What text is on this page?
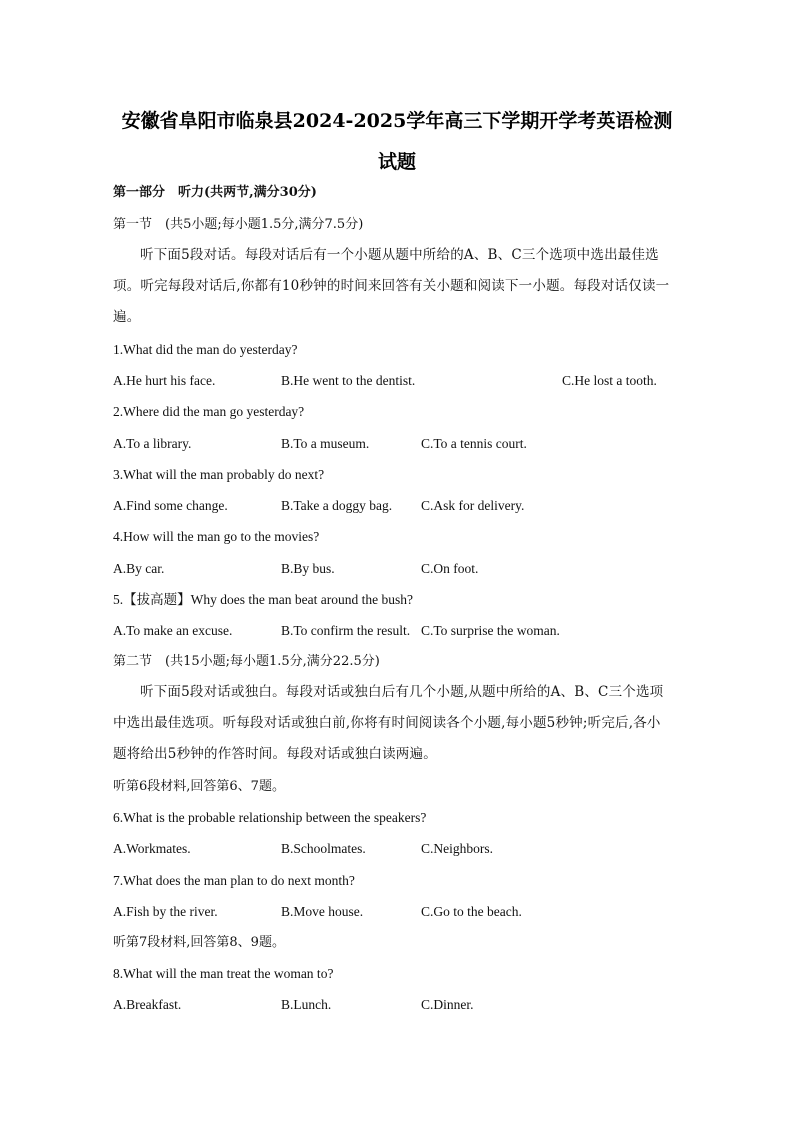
安徽省阜阳市临泉县2024-2025学年高三下学期开学考英语检测
试题
第一部分　听力(共两节,满分30分)
第一节　(共5小题;每小题1.5分,满分7.5分)
听下面5段对话。每段对话后有一个小题从题中所给的A、B、C三个选项中选出最佳选项。听完每段对话后,你都有10秒钟的时间来回答有关小题和阅读下一小题。每段对话仅读一遍。
1.What did the man do yesterday?
A.He hurt his face.	B.He went to the dentist.	C.He lost a tooth.
2.Where did the man go yesterday?
A.To a library.	B.To a museum.	C.To a tennis court.
3.What will the man probably do next?
A.Find some change.	B.Take a doggy bag. C.Ask for delivery.
4.How will the man go to the movies?
A.By car.	B.By bus.	C.On foot.
5.【拔高题】Why does the man beat around the bush?
A.To make an excuse.	B.To confirm the result. C.To surprise the woman.
第二节　(共15小题;每小题1.5分,满分22.5分)
听下面5段对话或独白。每段对话或独白后有几个小题,从题中所给的A、B、C三个选项中选出最佳选项。听每段对话或独白前,你将有时间阅读各个小题,每小题5秒钟;听完后,各小题将给出5秒钟的作答时间。每段对话或独白读两遍。
听第6段材料,回答第6、7题。
6.What is the probable relationship between the speakers?
A.Workmates.	B.Schoolmates.	C.Neighbors.
7.What does the man plan to do next month?
A.Fish by the river.	B.Move house.	C.Go to the beach.
听第7段材料,回答第8、9题。
8.What will the man treat the woman to?
A.Breakfast.	B.Lunch.	C.Dinner.
